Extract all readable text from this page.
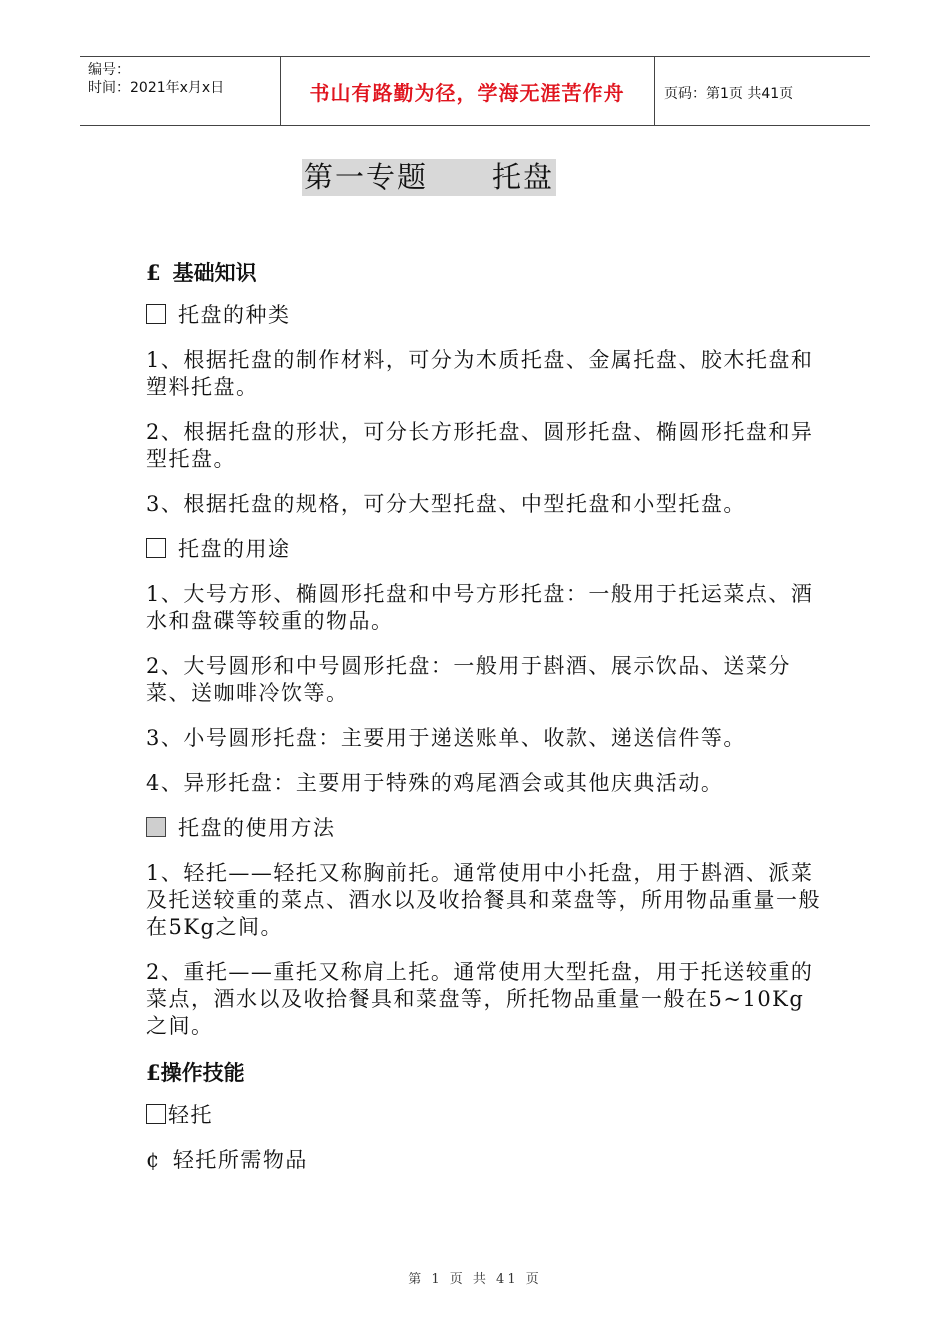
编号：
时间：2021年x月x日	书山有路勤为径，学海无涯苦作舟	页码：第1页 共41页
第一专题 托盘
£ 基础知识
托盘的种类
1、根据托盘的制作材料，可分为木质托盘、金属托盘、胶木托盘和塑料托盘。
2、根据托盘的形状，可分长方形托盘、圆形托盘、椭圆形托盘和异型托盘。
3、根据托盘的规格，可分大型托盘、中型托盘和小型托盘。
托盘的用途
1、大号方形、椭圆形托盘和中号方形托盘：一般用于托运菜点、酒水和盘碟等较重的物品。
2、大号圆形和中号圆形托盘：一般用于斟酒、展示饮品、送菜分菜、送咖啡冷饮等。
3、小号圆形托盘：主要用于递送账单、收款、递送信件等。
4、异形托盘：主要用于特殊的鸡尾酒会或其他庆典活动。
托盘的使用方法
1、轻托——轻托又称胸前托。通常使用中小托盘，用于斟酒、派菜及托送较重的菜点、酒水以及收拾餐具和菜盘等，所用物品重量一般在5Kg之间。
2、重托——重托又称肩上托。通常使用大型托盘，用于托送较重的菜点，酒水以及收拾餐具和菜盘等，所托物品重量一般在5~10Kg之间。
£操作技能
轻托
¢ 轻托所需物品
第 1 页 共 41 页
